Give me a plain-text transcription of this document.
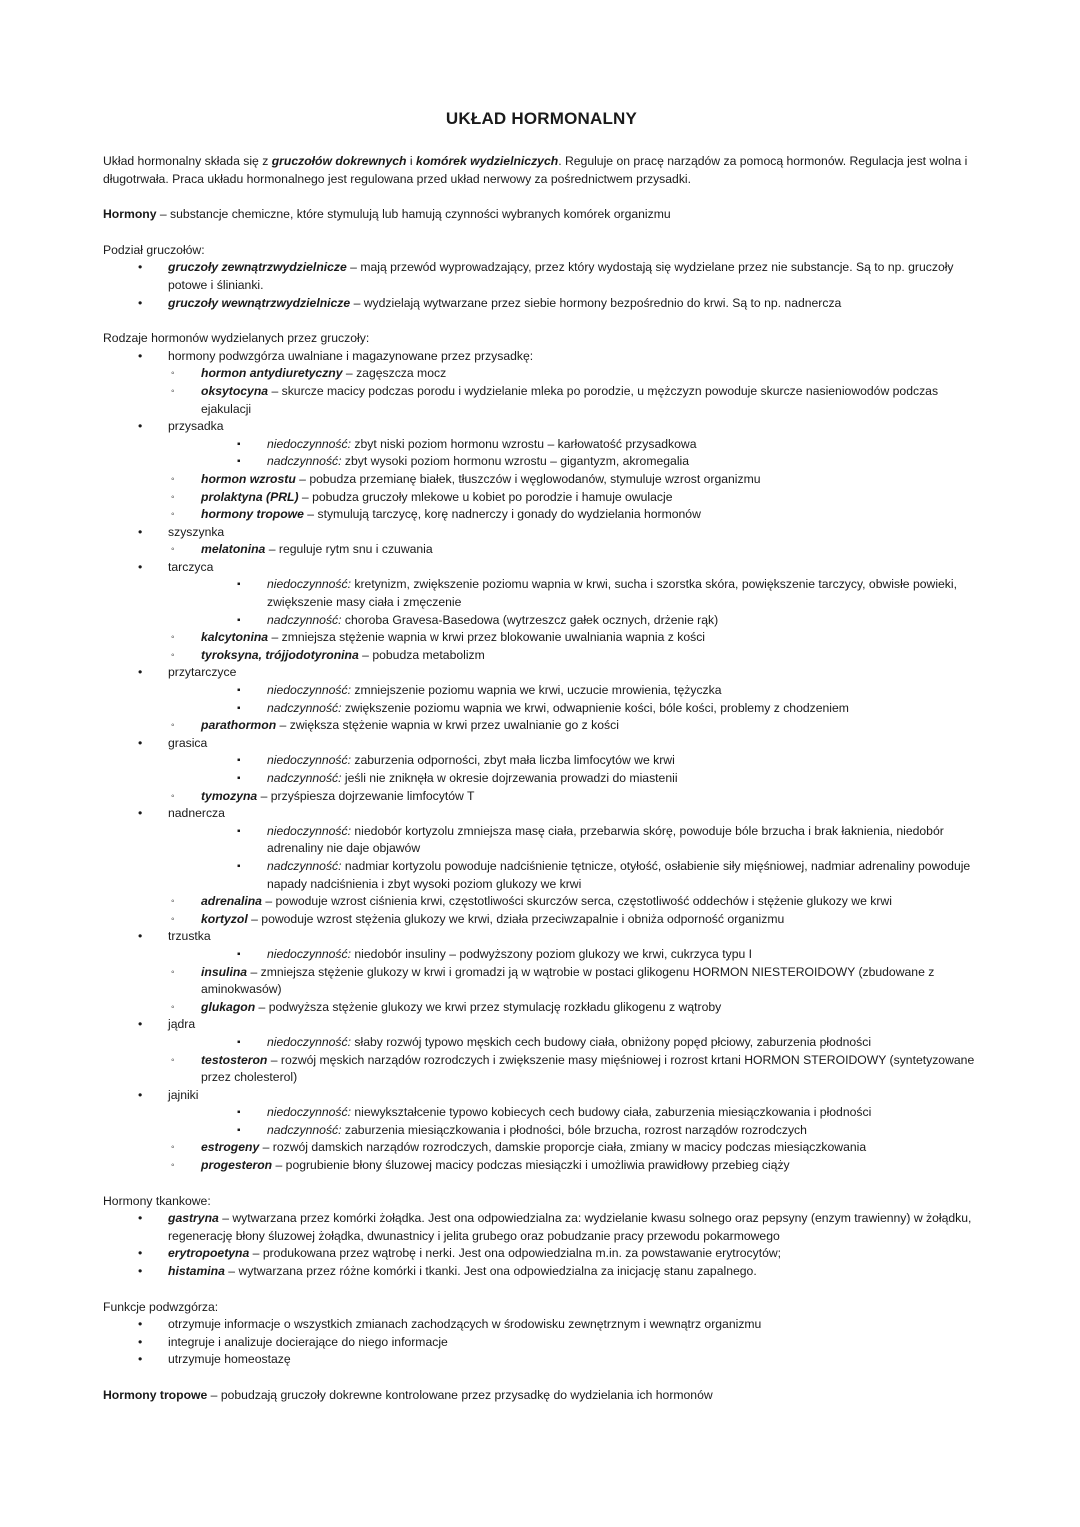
UKŁAD HORMONALNY

Układ hormonalny składa się z gruczołów dokrewnych i komórek wydzielniczych. Reguluje on pracę narządów za pomocą hormonów. Regulacja jest wolna i długotrwała. Praca układu hormonalnego jest regulowana przed układ nerwowy za pośrednictwem przysadki.

Hormony – substancje chemiczne, które stymulują lub hamują czynności wybranych komórek organizmu

Podział gruczołów:

• gruczoły zewnątrzwydzielnicze – mają przewód wyprowadzający, przez który wydostają się wydzielane przez nie substancje. Są to np. gruczoły potowe i ślinianki.
• gruczoły wewnątrzwydzielnicze – wydzielają wytwarzane przez siebie hormony bezpośrednio do krwi. Są to np. nadnercza

Rodzaje hormonów wydzielanych przez gruczoły:

• hormony podwzgórza uwalniane i magazynowane przez przysadkę:
◦ hormon antydiuretyczny – zagęszcza mocz
◦ oksytocyna – skurcze macicy podczas porodu i wydzielanie mleka po porodzie, u mężczyzn powoduje skurcze nasieniowodów podczas ejakulacji
• przysadka
▪ niedoczynność: zbyt niski poziom hormonu wzrostu – karłowatość przysadkowa
▪ nadczynność: zbyt wysoki poziom hormonu wzrostu – gigantyzm, akromegalia
◦ hormon wzrostu – pobudza przemianę białek, tłuszczów i węglowodanów, stymuluje wzrost organizmu
◦ prolaktyna (PRL) – pobudza gruczoły mlekowe u kobiet po porodzie i hamuje owulacje
◦ hormony tropowe – stymulują tarczycę, korę nadnerczy i gonady do wydzielania hormonów
• szyszynka
◦ melatonina – reguluje rytm snu i czuwania
• tarczyca
▪ niedoczynność: kretynizm, zwiększenie poziomu wapnia w krwi, sucha i szorstka skóra, powiększenie tarczycy, obwisłe powieki, zwiększenie masy ciała i zmęczenie
▪ nadczynność: choroba Gravesa-Basedowa (wytrzeszcz gałek ocznych, drżenie rąk)
◦ kalcytonina – zmniejsza stężenie wapnia w krwi przez blokowanie uwalniania wapnia z kości
◦ tyroksyna, trójjodotyronina – pobudza metabolizm
• przytarczyce
▪ niedoczynność: zmniejszenie poziomu wapnia we krwi, uczucie mrowienia, tężyczka
▪ nadczynność: zwiększenie poziomu wapnia we krwi, odwapnienie kości, bóle kości, problemy z chodzeniem
◦ parathormon – zwiększa stężenie wapnia w krwi przez uwalnianie go z kości
• grasica
▪ niedoczynność: zaburzenia odporności, zbyt mała liczba limfocytów we krwi
▪ nadczynność: jeśli nie zniknęła w okresie dojrzewania prowadzi do miastenii
◦ tymozyna – przyśpiesza dojrzewanie limfocytów T
• nadnercza
▪ niedoczynność: niedobór kortyzolu zmniejsza masę ciała, przebarwia skórę, powoduje bóle brzucha i brak łaknienia, niedobór adrenaliny nie daje objawów
▪ nadczynność: nadmiar kortyzolu powoduje nadciśnienie tętnicze, otyłość, osłabienie siły mięśniowej, nadmiar adrenaliny powoduje napady nadciśnienia i zbyt wysoki poziom glukozy we krwi
◦ adrenalina – powoduje wzrost ciśnienia krwi, częstotliwości skurczów serca, częstotliwość oddechów i stężenie glukozy we krwi
◦ kortyzol – powoduje wzrost stężenia glukozy we krwi, działa przeciwzapalnie i obniża odporność organizmu
• trzustka
▪ niedoczynność: niedobór insuliny – podwyższony poziom glukozy we krwi, cukrzyca typu I
◦ insulina – zmniejsza stężenie glukozy w krwi i gromadzi ją w wątrobie w postaci glikogenu HORMON NIESTEROIDOWY (zbudowane z aminokwasów)
◦ glukagon – podwyższa stężenie glukozy we krwi przez stymulację rozkładu glikogenu z wątroby
• jądra
▪ niedoczynność: słaby rozwój typowo męskich cech budowy ciała, obniżony popęd płciowy, zaburzenia płodności
◦ testosteron – rozwój męskich narządów rozrodczych i zwiększenie masy mięśniowej i rozrost krtani HORMON STEROIDOWY (syntetyzowane przez cholesterol)
• jajniki
▪ niedoczynność: niewykształcenie typowo kobiecych cech budowy ciała, zaburzenia miesiączkowania i płodności
▪ nadczynność: zaburzenia miesiączkowania i płodności, bóle brzucha, rozrost narządów rozrodczych
◦ estrogeny – rozwój damskich narządów rozrodczych, damskie proporcje ciała, zmiany w macicy podczas miesiączkowania
◦ progesteron – pogrubienie błony śluzowej macicy podczas miesiączki i umożliwia prawidłowy przebieg ciąży

Hormony tkankowe:

• gastryna – wytwarzana przez komórki żołądka. Jest ona odpowiedzialna za: wydzielanie kwasu solnego oraz pepsyny (enzym trawienny) w żołądku, regenerację błony śluzowej żołądka, dwunastnicy i jelita grubego oraz pobudzanie pracy przewodu pokarmowego
• erytropoetyna – produkowana przez wątrobę i nerki. Jest ona odpowiedzialna m.in. za powstawanie erytrocytów;
• histamina – wytwarzana przez różne komórki i tkanki. Jest ona odpowiedzialna za inicjację stanu zapalnego.

Funkcje podwzgórza:

• otrzymuje informacje o wszystkich zmianach zachodzących w środowisku zewnętrznym i wewnątrz organizmu
• integruje i analizuje docierające do niego informacje
• utrzymuje homeostazę

Hormony tropowe – pobudzają gruczoły dokrewne kontrolowane przez przysadkę do wydzielania ich hormonów
